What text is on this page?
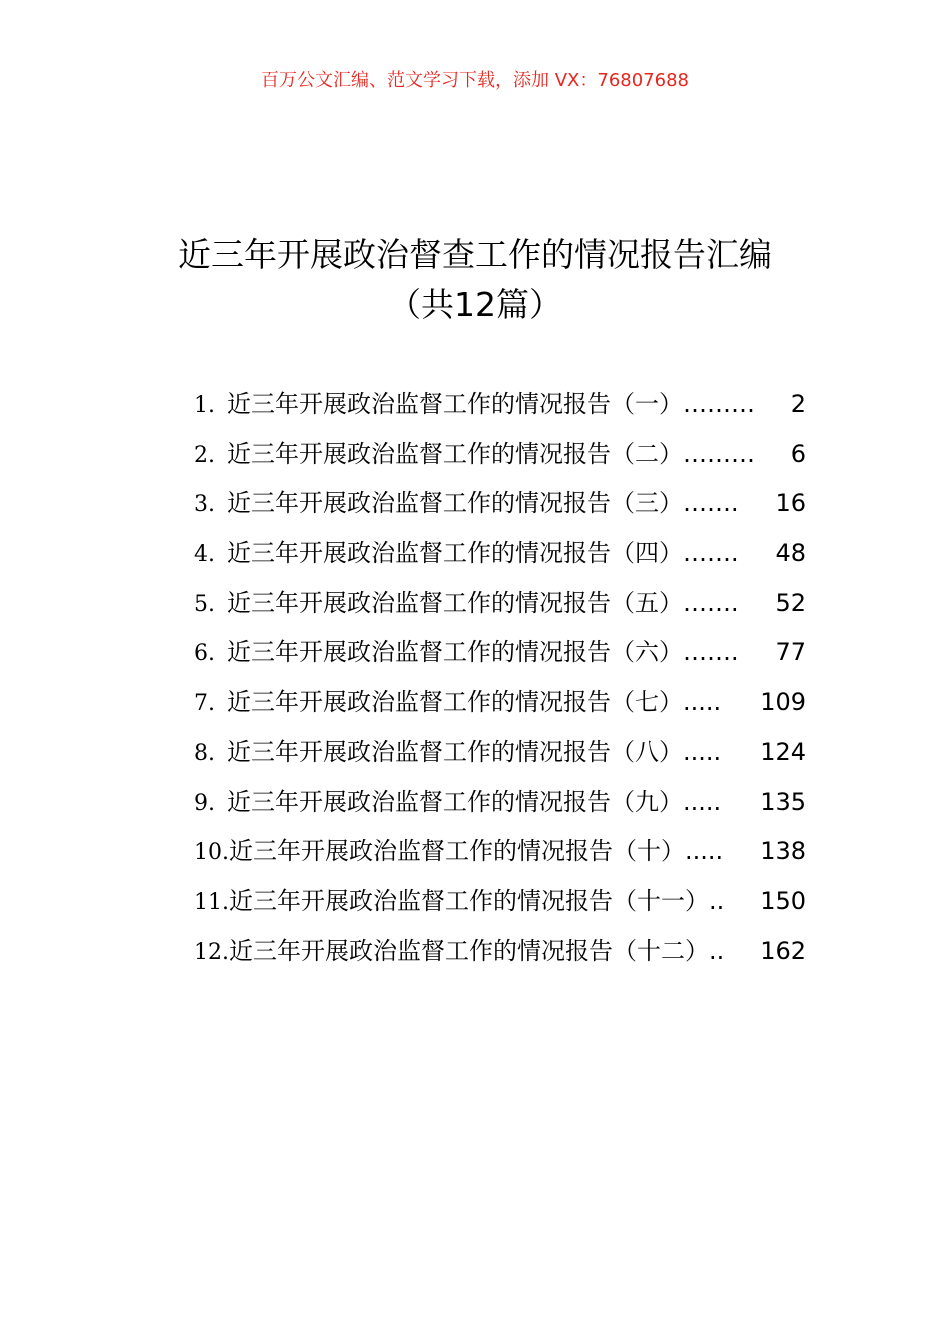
百万公文汇编、范文学习下载，添加 VX：76807688
近三年开展政治督查工作的情况报告汇编
（共12篇）
1. 近三年开展政治监督工作的情况报告（一） ………	2
2. 近三年开展政治监督工作的情况报告（二） ………	6
3. 近三年开展政治监督工作的情况报告（三） …….	16
4. 近三年开展政治监督工作的情况报告（四） …….	48
5. 近三年开展政治监督工作的情况报告（五） …….	52
6. 近三年开展政治监督工作的情况报告（六） …….	77
7. 近三年开展政治监督工作的情况报告（七） .....	109
8. 近三年开展政治监督工作的情况报告（八） .....	124
9. 近三年开展政治监督工作的情况报告（九） .....	135
10. 近三年开展政治监督工作的情况报告（十） .....	138
11. 近三年开展政治监督工作的情况报告（十一） ..	150
12. 近三年开展政治监督工作的情况报告（十二） ..	162
